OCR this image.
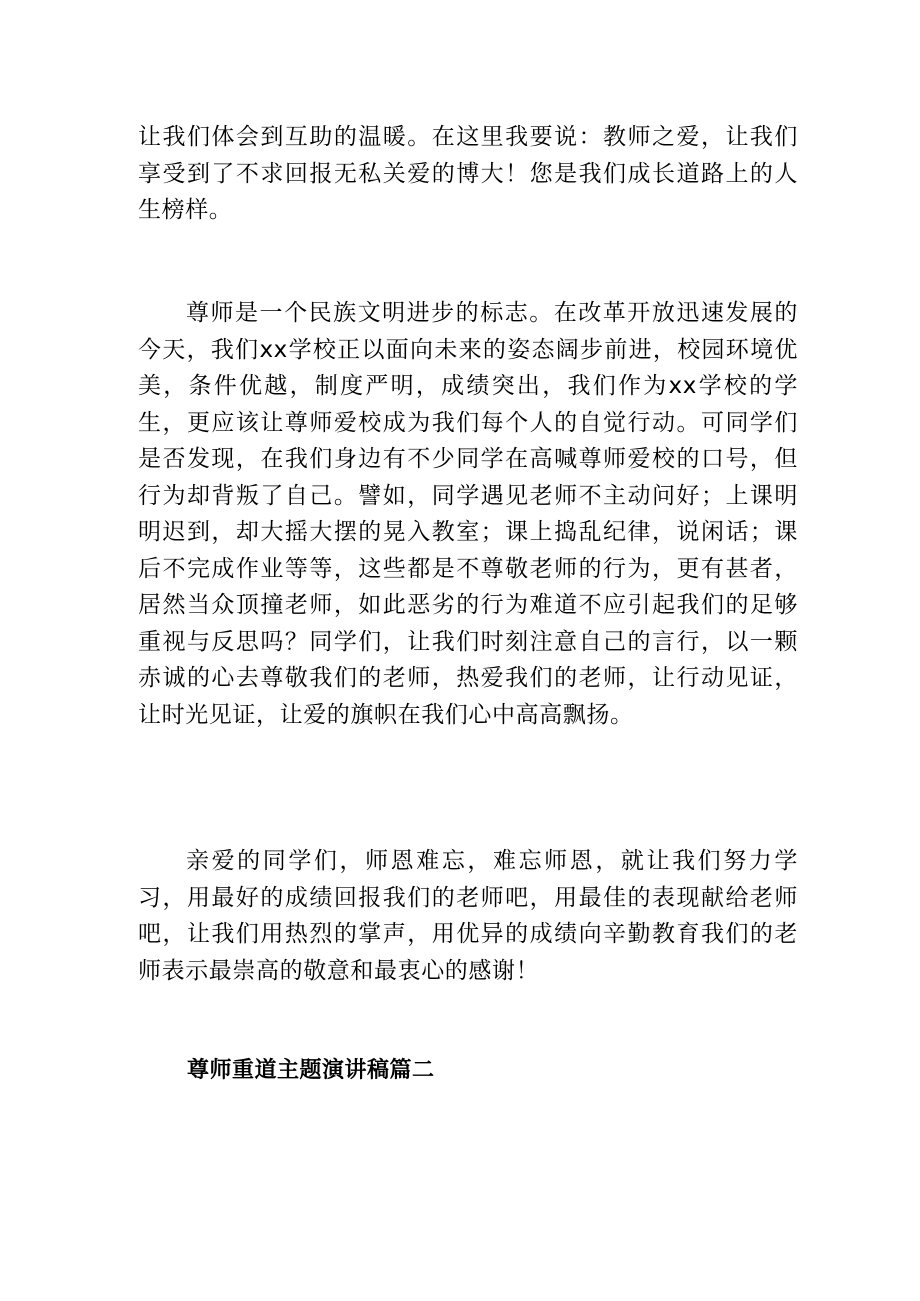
让我们体会到互助的温暖。在这里我要说：教师之爱，让我们享受到了不求回报无私关爱的博大！您是我们成长道路上的人生榜样。

尊师是一个民族文明进步的标志。在改革开放迅速发展的今天，我们xx学校正以面向未来的姿态阔步前进，校园环境优美，条件优越，制度严明，成绩突出，我们作为xx学校的学生，更应该让尊师爱校成为我们每个人的自觉行动。可同学们是否发现，在我们身边有不少同学在高喊尊师爱校的口号，但行为却背叛了自己。譬如，同学遇见老师不主动问好；上课明明迟到，却大摇大摆的晃入教室；课上捣乱纪律，说闲话；课后不完成作业等等，这些都是不尊敬老师的行为，更有甚者，居然当众顶撞老师，如此恶劣的行为难道不应引起我们的足够重视与反思吗？同学们，让我们时刻注意自己的言行，以一颗赤诚的心去尊敬我们的老师，热爱我们的老师，让行动见证，让时光见证，让爱的旗帜在我们心中高高飘扬。

亲爱的同学们，师恩难忘，难忘师恩，就让我们努力学习，用最好的成绩回报我们的老师吧，用最佳的表现献给老师吧，让我们用热烈的掌声，用优异的成绩向辛勤教育我们的老师表示最崇高的敬意和最衷心的感谢！

尊师重道主题演讲稿篇二
